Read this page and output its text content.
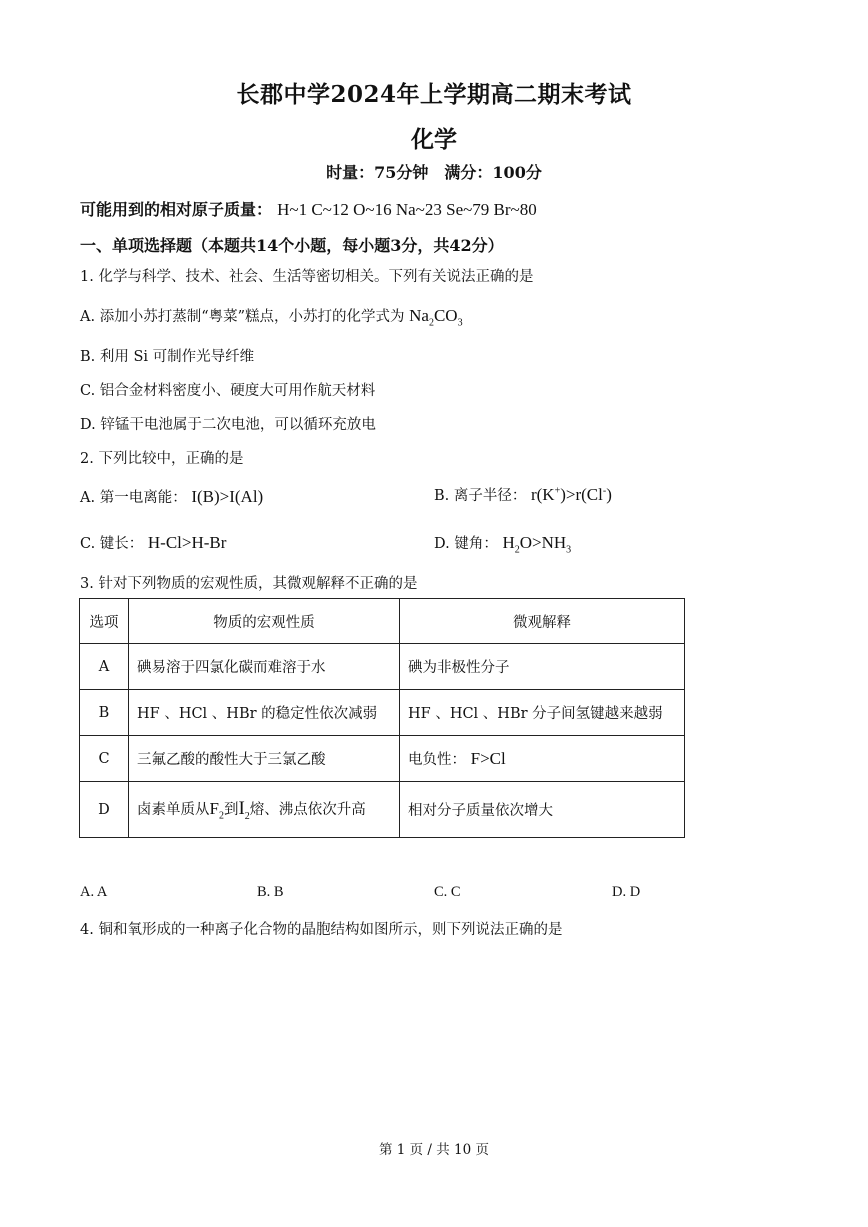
长郡中学2024年上学期高二期末考试
化学
时量：75分钟　满分：100分
可能用到的相对原子质量： H~1 C~12 O~16 Na~23 Se~79 Br~80
一、单项选择题（本题共14个小题，每小题3分，共42分）
1. 化学与科学、技术、社会、生活等密切相关。下列有关说法正确的是
A. 添加小苏打蒸制“粤菜”糕点，小苏打的化学式为 $Na_2CO_3$
B. 利用 Si 可制作光导纤维
C. 铝合金材料密度小、硬度大可用作航天材料
D. 锌锰干电池属于二次电池，可以循环充放电
2. 下列比较中，正确的是
A. 第一电离能： I(B)>I(Al)	B. 离子半径： r(K+)>r(Cl-)
C. 键长： H-Cl>H-Br	D. 键角： $H_2O>NH_3$
3. 针对下列物质的宏观性质，其微观解释不正确的是
选项	物质的宏观性质	微观解释
A	碘易溶于四氯化碳而难溶于水	碘为非极性分子
B	HF 、HCl 、HBr 的稳定性依次减弱	HF 、HCl 、HBr 分子间氢键越来越弱
C	三氟乙酸的酸性大于三氯乙酸	电负性： F>Cl
D	卤素单质从$F_2$到$I_2$熔、沸点依次升高	相对分子质量依次增大
A. A	B. B	C. C	D. D
4. 铜和氧形成的一种离子化合物的晶胞结构如图所示，则下列说法正确的是
第 1 页 / 共 10 页
